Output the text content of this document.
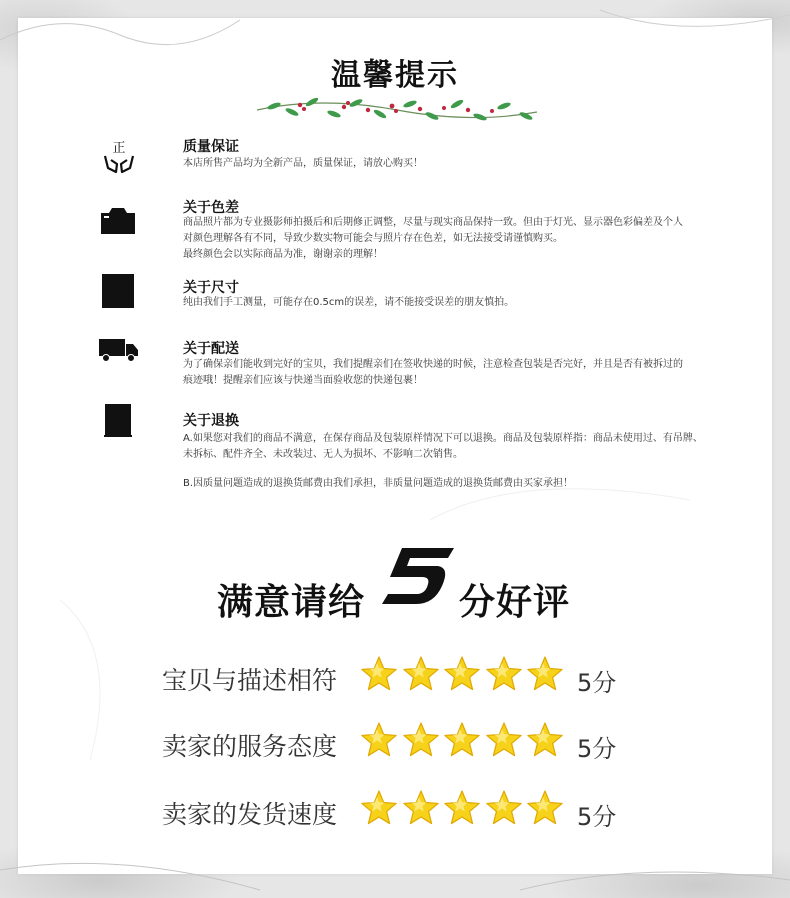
温馨提示
正	质量保证
本店所售产品均为全新产品，质量保证，请放心购买！
关于色差
商品照片都为专业摄影师拍摄后和后期修正调整，尽量与现实商品保持一致。但由于灯光、显示器色彩偏差及个人
对颜色理解各有不同，导致少数实物可能会与照片存在色差，如无法接受请谨慎购买。
最终颜色会以实际商品为准，谢谢亲的理解！
关于尺寸
纯由我们手工测量，可能存在0.5cm的误差，请不能接受误差的朋友慎拍。
关于配送
为了确保亲们能收到完好的宝贝，我们提醒亲们在签收快递的时候，注意检查包装是否完好，并且是否有被拆过的
痕迹哦！提醒亲们应该与快递当面验收您的快递包裹！
关于退换
A.如果您对我们的商品不满意，在保存商品及包装原样情况下可以退换。商品及包装原样指：商品未使用过、有吊牌、
未拆标、配件齐全、未改装过、无人为损坏、不影响二次销售。
B.因质量问题造成的退换货邮费由我们承担，非质量问题造成的退换货邮费由买家承担！
满意请给
5
分好评
宝贝与描述相符	5分
卖家的服务态度	5分
卖家的发货速度	5分
